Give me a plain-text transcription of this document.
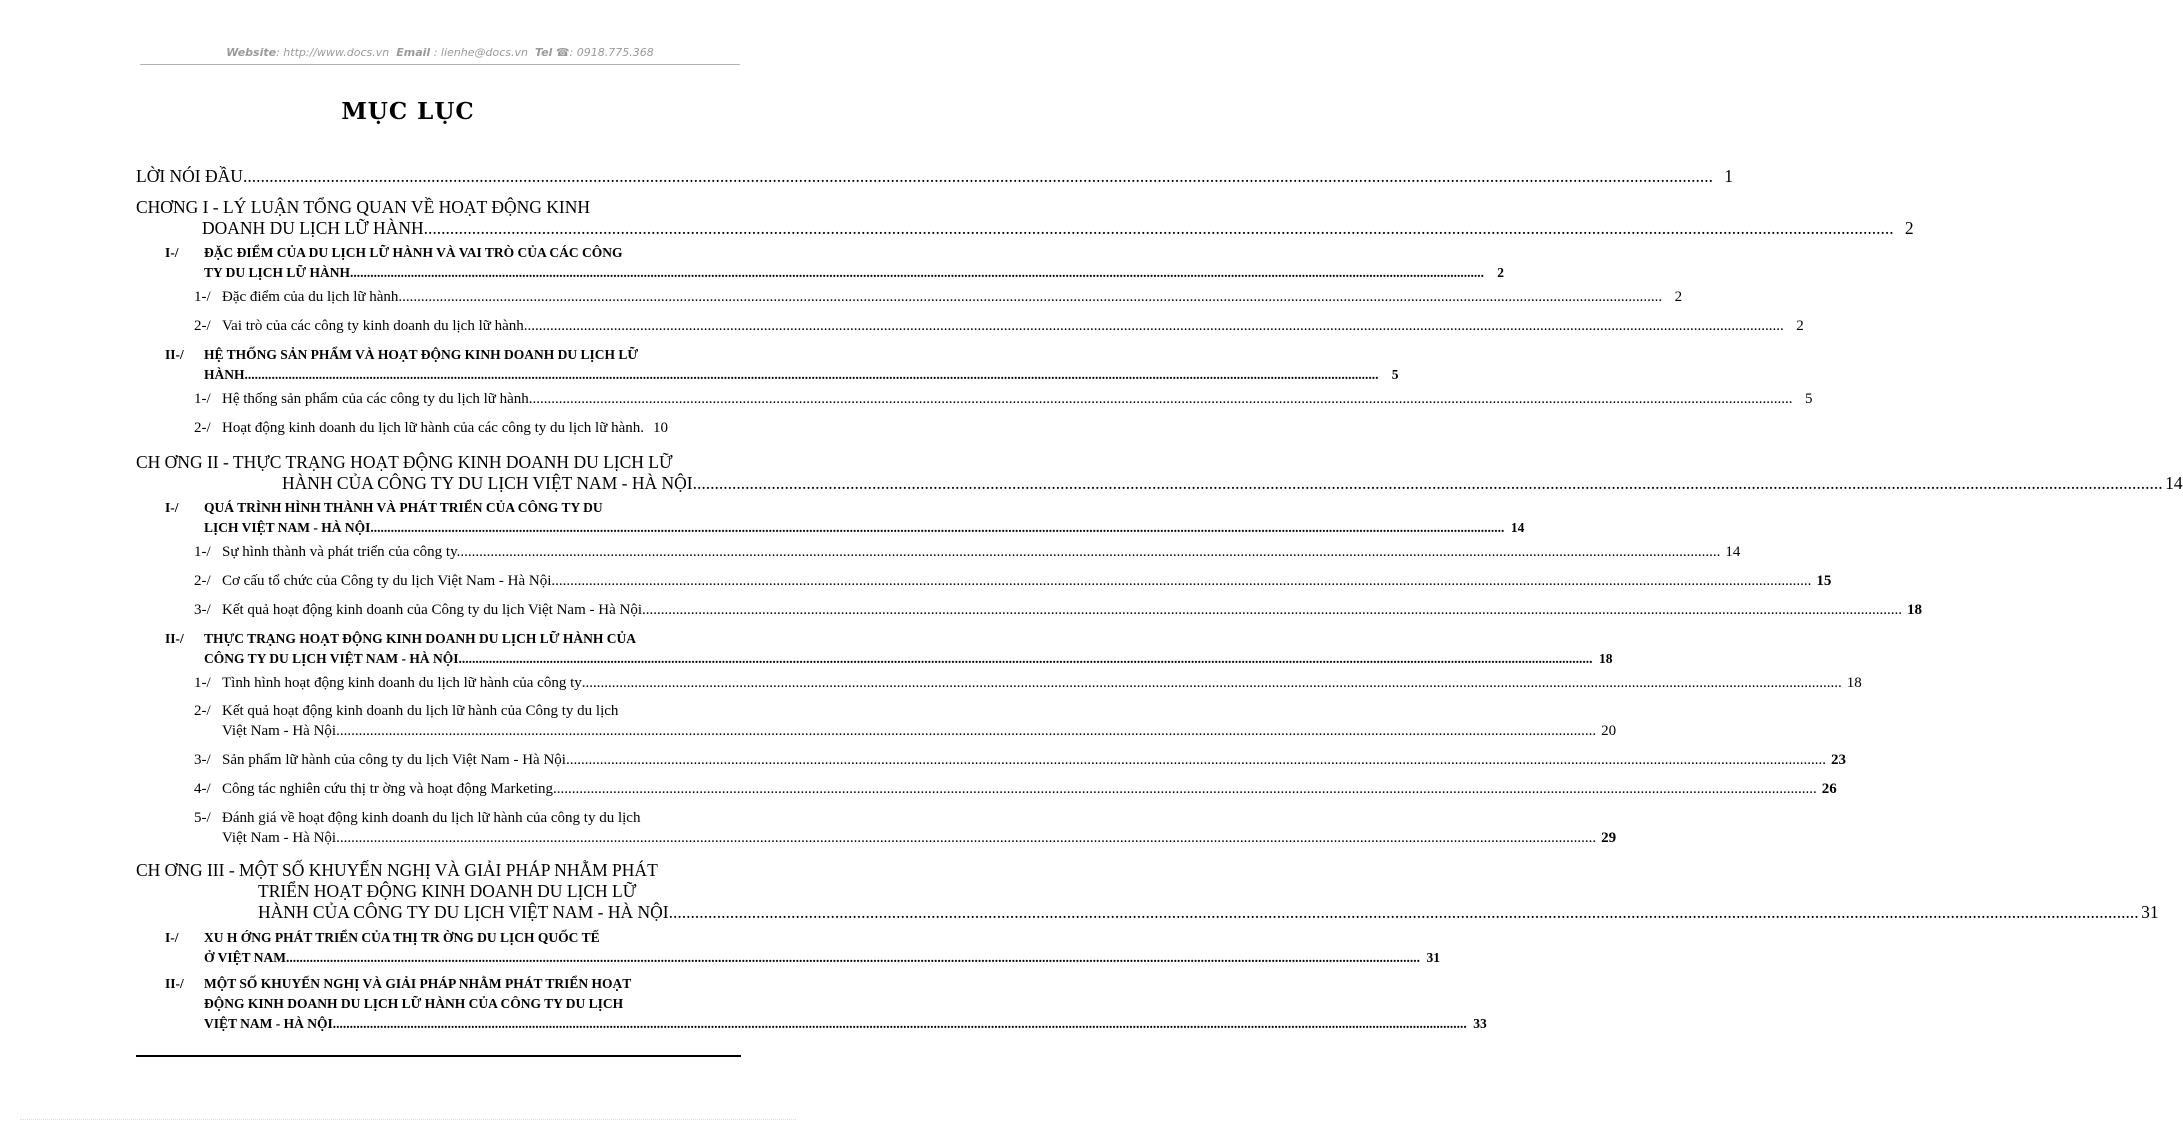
Website: http://www.docs.vn Email : lienhe@docs.vn Tel ☎: 0918.775.368
MỤC LỤC
LỜI NÓI ĐẦU .....	1
CHƠNG I - LÝ LUẬN TỔNG QUAN VỀ HOẠT ĐỘNG KINH
DOANH DU LỊCH LỮ HÀNH .....	2
I-/ ĐẶC ĐIỂM CỦA DU LỊCH LỮ HÀNH VÀ VAI TRÒ CỦA CÁC CÔNG
TY DU LỊCH LỮ HÀNH .....	2
1-/ Đặc điểm của du lịch lữ hành. .....	2
2-/ Vai trò của các công ty kinh doanh du lịch lữ hành .....	2
II-/ HỆ THỐNG SẢN PHẨM VÀ HOẠT ĐỘNG KINH DOANH DU LỊCH LỮ
HÀNH .....	5
1-/ Hệ thống sản phẩm của các công ty du lịch lữ hành. .....	5
2-/ Hoạt động kinh doanh du lịch lữ hành của các công ty du lịch lữ hành. 10
CH ƠNG II - THỰC TRẠNG HOẠT ĐỘNG KINH DOANH DU LỊCH LỮ
HÀNH CỦA CÔNG TY DU LỊCH VIỆT NAM - HÀ NỘI .....	14
I-/ QUÁ TRÌNH HÌNH THÀNH VÀ PHÁT TRIỂN CỦA CÔNG TY DU
LỊCH VIỆT NAM - HÀ NỘI .....	14
1-/ Sự hình thành và phát triển của công ty. .....	14
2-/ Cơ cấu tổ chức của Công ty du lịch Việt Nam - Hà Nội .....	15
3-/ Kết quả hoạt động kinh doanh của Công ty du lịch Việt Nam - Hà Nội .....	18
II-/ THỰC TRẠNG HOẠT ĐỘNG KINH DOANH DU LỊCH LỮ HÀNH CỦA
CÔNG TY DU LỊCH VIỆT NAM - HÀ NỘI .....	18
1-/ Tình hình hoạt động kinh doanh du lịch lữ hành của công ty .....	18
2-/ Kết quả hoạt động kinh doanh du lịch lữ hành của Công ty du lịch
Việt Nam - Hà Nội .....	20
3-/ Sản phẩm lữ hành của công ty du lịch Việt Nam - Hà Nội .....	23
4-/ Công tác nghiên cứu thị tr ờng và hoạt động Marketing. .....	26
5-/ Đánh giá về hoạt động kinh doanh du lịch lữ hành của công ty du lịch
Việt Nam - Hà Nội .....	29
CH ƠNG III - MỘT SỐ KHUYẾN NGHỊ VÀ GIẢI PHÁP NHẰM PHÁT
TRIỂN HOẠT ĐỘNG KINH DOANH DU LỊCH LỮ
HÀNH CỦA CÔNG TY DU LỊCH VIỆT NAM - HÀ NỘI .....	31
I-/ XU H ỚNG PHÁT TRIỂN CỦA THỊ TR ỜNG DU LỊCH QUỐC TẾ
Ở VIỆT NAM .....	31
II-/ MỘT SỐ KHUYẾN NGHỊ VÀ GIẢI PHÁP NHẰM PHÁT TRIỂN HOẠT
ĐỘNG KINH DOANH DU LỊCH LỮ HÀNH CỦA CÔNG TY DU LỊCH
VIỆT NAM - HÀ NỘI .....	33
